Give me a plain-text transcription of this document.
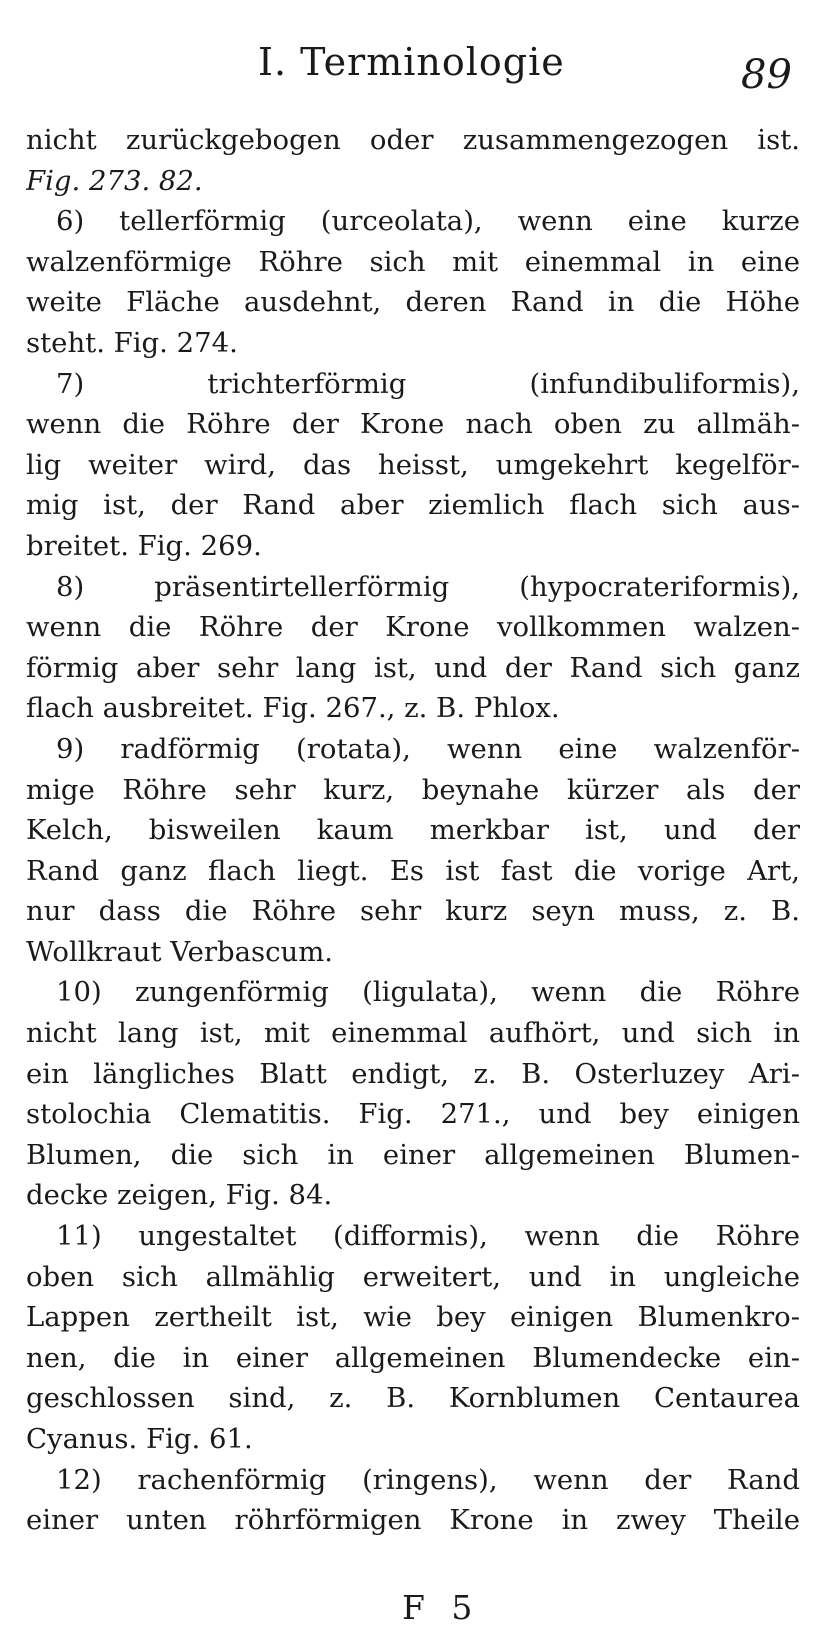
I. Terminologie	89
nicht zurückgebogen oder zusammengezogen ist.
Fig. 273. 82.
6) tellerförmig (urceolata), wenn eine kurze
walzenförmige Röhre sich mit einemmal in eine
weite Fläche ausdehnt, deren Rand in die Höhe
steht. Fig. 274.
7) trichterförmig (infundibuliformis),
wenn die Röhre der Krone nach oben zu allmäh-
lig weiter wird, das heisst, umgekehrt kegelför-
mig ist, der Rand aber ziemlich flach sich aus-
breitet. Fig. 269.
8) präsentirtellerförmig (hypocrateriformis),
wenn die Röhre der Krone vollkommen walzen-
förmig aber sehr lang ist, und der Rand sich ganz
flach ausbreitet. Fig. 267., z. B. Phlox.
9) radförmig (rotata), wenn eine walzenför-
mige Röhre sehr kurz, beynahe kürzer als der
Kelch, bisweilen kaum merkbar ist, und der
Rand ganz flach liegt. Es ist fast die vorige Art,
nur dass die Röhre sehr kurz seyn muss, z. B.
Wollkraut Verbascum.
10) zungenförmig (ligulata), wenn die Röhre
nicht lang ist, mit einemmal aufhört, und sich in
ein längliches Blatt endigt, z. B. Osterluzey Ari-
stolochia Clematitis. Fig. 271., und bey einigen
Blumen, die sich in einer allgemeinen Blumen-
decke zeigen, Fig. 84.
11) ungestaltet (difformis), wenn die Röhre
oben sich allmählig erweitert, und in ungleiche
Lappen zertheilt ist, wie bey einigen Blumenkro-
nen, die in einer allgemeinen Blumendecke ein-
geschlossen sind, z. B. Kornblumen Centaurea
Cyanus. Fig. 61.
12) rachenförmig (ringens), wenn der Rand
einer unten röhrförmigen Krone in zwey Theile
F 5
